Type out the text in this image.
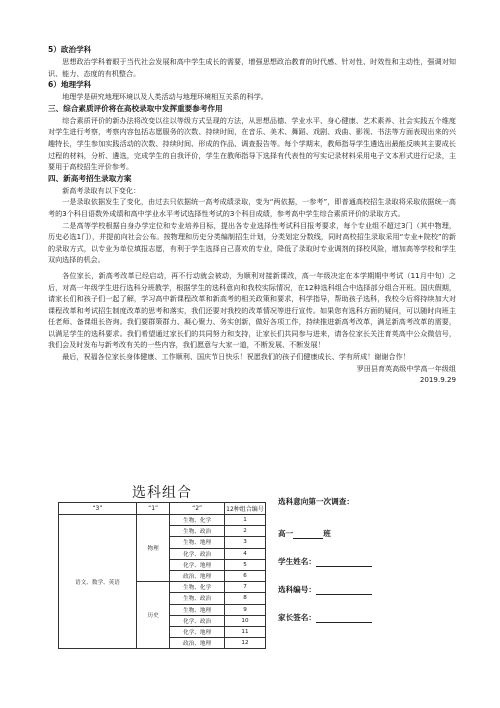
5）政治学科

思想政治学科着眼于当代社会发展和高中学生成长的需要，增强思想政治教育的时代感、针对性、时效性和主动性，强调对知识、能力、态度的有机整合。

6）地理学科

地理学是研究地理环境以及人类活动与地理环境相互关系的科学。

三、综合素质评价将在高校录取中发挥重要参考作用

综合素质评价的新办法将改变以往以等级方式呈现的方法，从思想品德、学业水平、身心健康、艺术素养、社会实践五个维度对学生进行考察，考察内容包括志愿服务的次数、持续时间，在音乐、美术、舞蹈、戏剧、戏曲、影视、书法等方面表现出来的兴趣特长，学生参加实践活动的次数、持续时间、形成的作品、调查报告等。每个学期末，教师指导学生遴选出最能反映其主要成长过程的材料，分析、遴选，完成学生的自我评价，学生在教师指导下选择有代表性的写实记录材料采用电子文本形式进行记录，主要用于高校招生评价参考。

四、新高考招生录取方案

新高考录取有以下变化：

一是录取依据发生了变化，由过去只依据统一高考成绩录取，变为“两依据，一参考”，即普通高校招生录取将采取依据统一高考的3个科目语数外成绩和高中学业水平考试选择性考试的3个科目成绩，参考高中学生综合素质评价的录取方式。

二是高等学校根据自身办学定位和专业培养目标，提出各专业选择性考试科目报考要求，每个专业组不超过3门（其中物理，历史必选1门），并提前向社会公布。按物理和历史分类编制招生计划，分类划定分数线，同时高校招生录取采用“专业+院校”的新的录取方式，以专业为单位填报志愿，有利于学生选择自己喜欢的专业，降低了录取时专业调剂的择校风险，增加高等学校和学生双向选择的机会。

各位家长，新高考改革已经启动，再不行动就会被动，为顺利对接新课改，高一年级决定在本学期期中考试（11月中旬）之后，对高一年级学生进行选科分班教学，根据学生的选科意向和我校实际情况，在12种选科组合中选择部分组合开班。国庆假期，请家长们和孩子们一起了解，学习高中新课程改革和新高考的相关政策和要求，科学指导，帮助孩子选科，我校今后将持续加大对课程改革和考试招生制度改革的思考和落实，我们还要对我校的改革情况等进行宣传。如果您有选科方面的疑问，可以随时向班主任老师、备课组长咨询。我们要群策群力、凝心聚力、务实创新，做好各项工作，持续推进新高考改革，满足新高考改革的需要，以满足学生的选科要求。我们希望通过家长们的共同努力和支持，让家长们共同参与进来，请各位家长关注育英高中公众微信号，我们会及时发布与新考改有关的一些内容，我们愿意与大家一道，不断发展、不断发展！

最后，祝福各位家长身体健康、工作顺利、国庆节日快乐！祝愿我们的孩子们健康成长、学有所成！谢谢合作！

罗田县育英高级中学高一年级组

2019.9.29

选科组合
“3”	“1”	“2”	12种组合编号
语文、数学、英语	物理	生物、化学	1
		生物、政治	2
		生物、地理	3
		化学、政治	4
		化学、地理	5
		政治、地理	6
	历史	生物、化学	7
		生物、政治	8
		生物、地理	9
		化学、政治	10
		化学、地理	11
		政治、地理	12
选科意向第一次调查：
高一	班
学生姓名：
选科编号：
家长签名：
